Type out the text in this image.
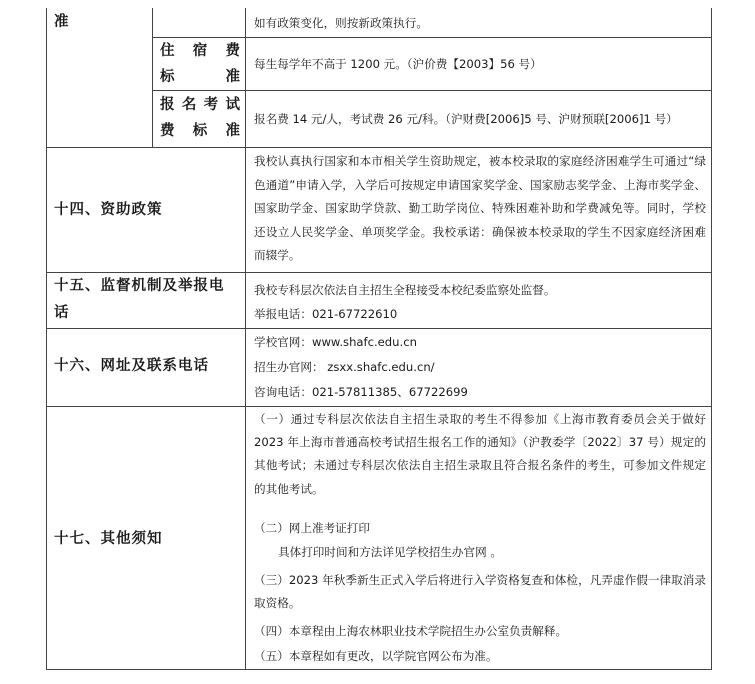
准	如有政策变化，则按新政策执行。
住 宿 费
标	准
每生每学年不高于 1200 元。（沪价费【2003】56 号）
报 名 考 试
费 标 准
报名费 14 元/人，考试费 26 元/科。（沪财费[2006]5 号、沪财预联[2006]1 号）
十四、资助政策
我校认真执行国家和本市相关学生资助规定，被本校录取的家庭经济困难学生可通过“绿色通道”申请入学，入学后可按规定申请国家奖学金、国家励志奖学金、上海市奖学金、国家助学金、国家助学贷款、勤工助学岗位、特殊困难补助和学费减免等。同时，学校还设立人民奖学金、单项奖学金。我校承诺：确保被本校录取的学生不因家庭经济困难而辍学。
十五、监督机制及举报电
话
我校专科层次依法自主招生全程接受本校纪委监察处监督。
举报电话：021-67722610
十六、网址及联系电话
学校官网：www.shafc.edu.cn
招生办官网： zsxx.shafc.edu.cn/
咨询电话：021-57811385、67722699
十七、其他须知
（一）通过专科层次依法自主招生录取的考生不得参加《上海市教育委员会关于做好 2023 年上海市普通高校考试招生报名工作的通知》（沪教委学〔2022〕37 号）规定的其他考试；未通过专科层次依法自主招生录取且符合报名条件的考生，可参加文件规定的其他考试。
（二）网上准考证打印
具体打印时间和方法详见学校招生办官网 。
（三）2023 年秋季新生正式入学后将进行入学资格复查和体检，凡弄虚作假一律取消录取资格。
（四）本章程由上海农林职业技术学院招生办公室负责解释。
（五）本章程如有更改，以学院官网公布为准。
